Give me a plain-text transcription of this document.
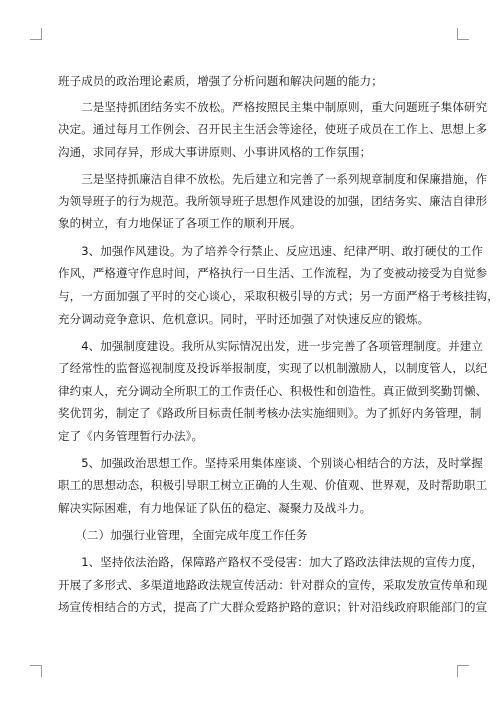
班子成员的政治理论素质，增强了分析问题和解决问题的能力；
　　二是坚持抓团结务实不放松。严格按照民主集中制原则，重大问题班子集体研究
决定。通过每月工作例会、召开民主生活会等途径，使班子成员在工作上、思想上多
沟通，求同存异，形成大事讲原则、小事讲风格的工作氛围；
　　三是坚持抓廉洁自律不放松。先后建立和完善了一系列规章制度和保廉措施，作
为领导班子的行为规范。我所领导班子思想作风建设的加强，团结务实、廉洁自律形
象的树立，有力地保证了各项工作的顺利开展。
　　3、加强作风建设。为了培养令行禁止、反应迅速、纪律严明、敢打硬仗的工作
作风，严格遵守作息时间，严格执行一日生活、工作流程，为了变被动接受为自觉参
与，一方面加强了平时的交心谈心，采取积极引导的方式；另一方面严格于考核挂钩，
充分调动竞争意识、危机意识。同时，平时还加强了对快速反应的锻炼。
　　4、加强制度建设。我所从实际情况出发，进一步完善了各项管理制度。并建立
了经常性的监督巡视制度及投诉举报制度，实现了以机制激励人，以制度管人，以纪
律约束人，充分调动全所职工的工作责任心、积极性和创造性。真正做到奖勤罚懒、
奖优罚劣，制定了《路政所目标责任制考核办法实施细则》。为了抓好内务管理，制
定了《内务管理暂行办法》。
　　5、加强政治思想工作。坚持采用集体座谈、个别谈心相结合的方法，及时掌握
职工的思想动态，积极引导职工树立正确的人生观、价值观、世界观，及时帮助职工
解决实际困难，有力地保证了队伍的稳定、凝聚力及战斗力。
　　（二）加强行业管理，全面完成年度工作任务
　　1、坚持依法治路，保障路产路权不受侵害：加大了路政法律法规的宣传力度，
开展了多形式、多渠道地路政法规宣传活动：针对群众的宣传，采取发放宣传单和现
场宣传相结合的方式，提高了广大群众爱路护路的意识；针对沿线政府职能部门的宣
